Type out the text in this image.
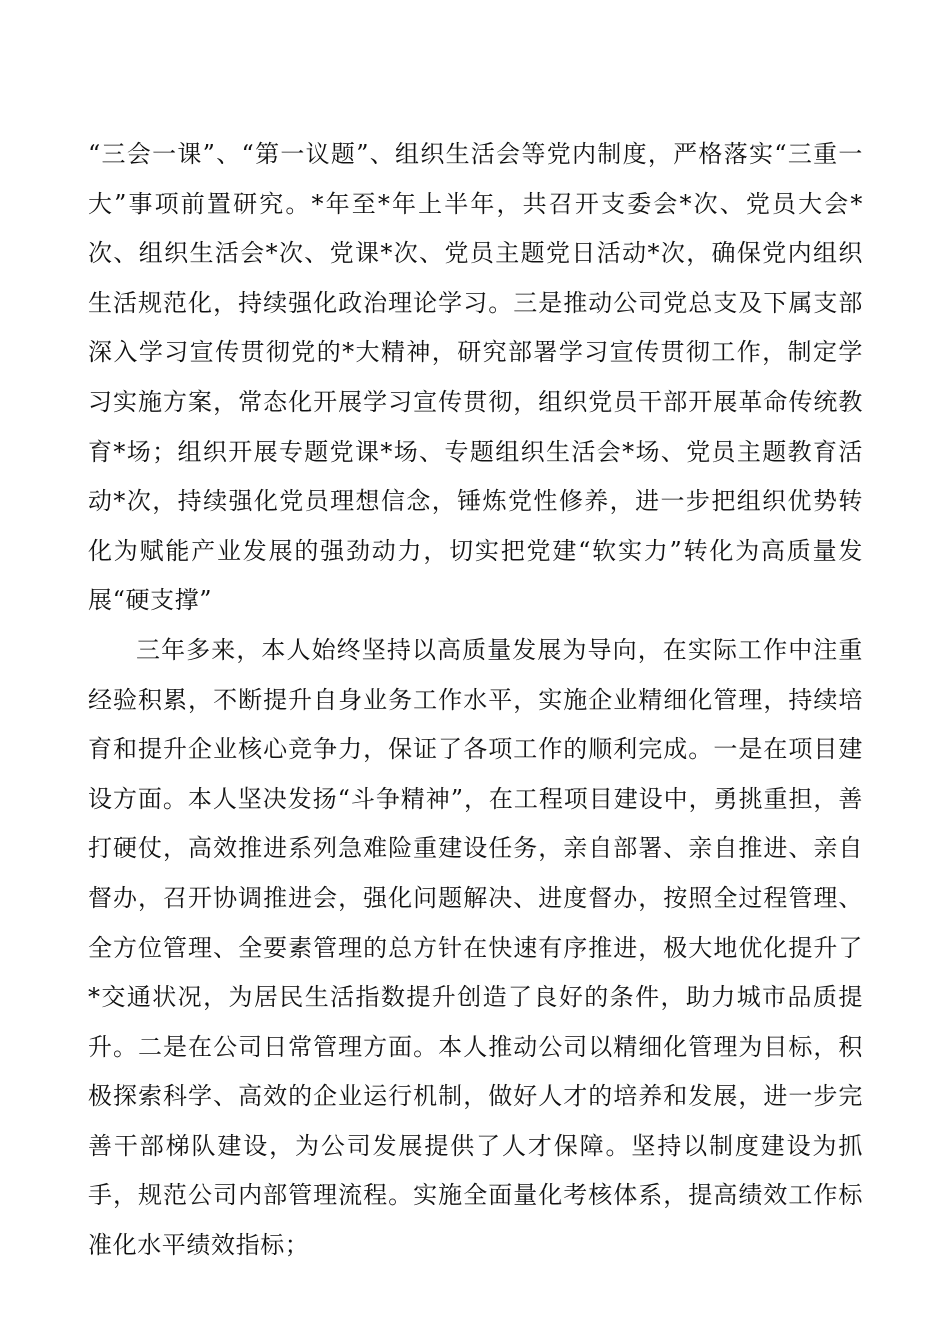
“三会一课”、“第一议题”、组织生活会等党内制度，严格落实“三重一大”事项前置研究。*年至*年上半年，共召开支委会*次、党员大会*次、组织生活会*次、党课*次、党员主题党日活动*次，确保党内组织生活规范化，持续强化政治理论学习。三是推动公司党总支及下属支部深入学习宣传贯彻党的*大精神，研究部署学习宣传贯彻工作，制定学习实施方案，常态化开展学习宣传贯彻，组织党员干部开展革命传统教育*场；组织开展专题党课*场、专题组织生活会*场、党员主题教育活动*次，持续强化党员理想信念，锤炼党性修养，进一步把组织优势转化为赋能产业发展的强劲动力，切实把党建“软实力”转化为高质量发展“硬支撑”

三年多来，本人始终坚持以高质量发展为导向，在实际工作中注重经验积累，不断提升自身业务工作水平，实施企业精细化管理，持续培育和提升企业核心竞争力，保证了各项工作的顺利完成。一是在项目建设方面。本人坚决发扬“斗争精神”，在工程项目建设中，勇挑重担，善打硬仗，高效推进系列急难险重建设任务，亲自部署、亲自推进、亲自督办，召开协调推进会，强化问题解决、进度督办，按照全过程管理、全方位管理、全要素管理的总方针在快速有序推进，极大地优化提升了*交通状况，为居民生活指数提升创造了良好的条件，助力城市品质提升。二是在公司日常管理方面。本人推动公司以精细化管理为目标，积极探索科学、高效的企业运行机制，做好人才的培养和发展，进一步完善干部梯队建设，为公司发展提供了人才保障。坚持以制度建设为抓手，规范公司内部管理流程。实施全面量化考核体系，提高绩效工作标准化水平绩效指标；
